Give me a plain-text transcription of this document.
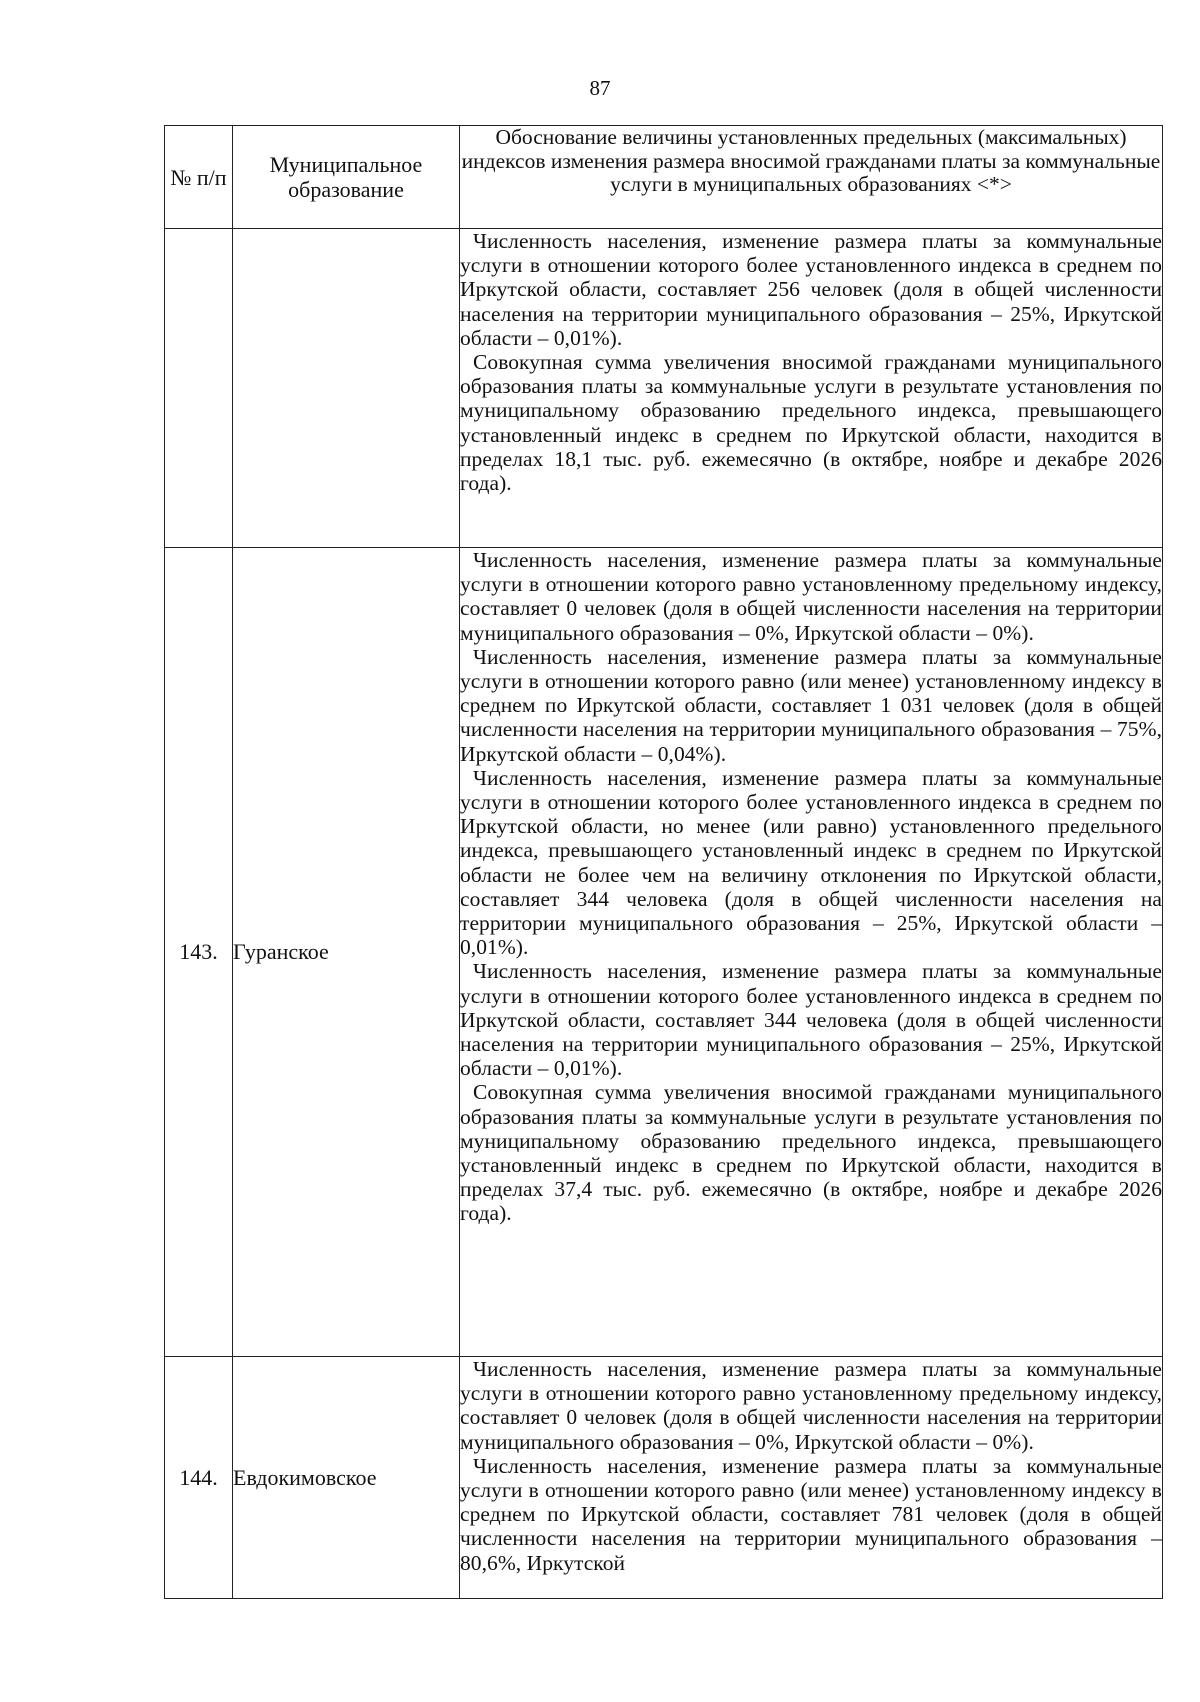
87
№ п/п	Муниципальное образование	Обоснование величины установленных предельных (максимальных) индексов изменения размера вносимой гражданами платы за коммунальные услуги в муниципальных образованиях <*>

		Численность населения, изменение размера платы за коммунальные услуги в отношении которого более установленного индекса в среднем по Иркутской области, составляет 256 человек (доля в общей численности населения на территории муниципального образования – 25%, Иркутской области – 0,01%).

Совокупная сумма увеличения вносимой гражданами муниципального образования платы за коммунальные услуги в результате установления по муниципальному образованию предельного индекса, превышающего установленный индекс в среднем по Иркутской области, находится в пределах 18,1 тыс. руб. ежемесячно (в октябре, ноябре и декабре 2026 года).

143.	Гуранское	Численность населения, изменение размера платы за коммунальные услуги в отношении которого равно установленному предельному индексу, составляет 0 человек (доля в общей численности населения на территории муниципального образования – 0%, Иркутской области – 0%).

Численность населения, изменение размера платы за коммунальные услуги в отношении которого равно (или менее) установленному индексу в среднем по Иркутской области, составляет 1 031 человек (доля в общей численности населения на территории муниципального образования – 75%, Иркутской области – 0,04%).

Численность населения, изменение размера платы за коммунальные услуги в отношении которого более установленного индекса в среднем по Иркутской области, но менее (или равно) установленного предельного индекса, превышающего установленный индекс в среднем по Иркутской области не более чем на величину отклонения по Иркутской области, составляет 344 человека (доля в общей численности населения на территории муниципального образования – 25%, Иркутской области – 0,01%).

Численность населения, изменение размера платы за коммунальные услуги в отношении которого более установленного индекса в среднем по Иркутской области, составляет 344 человека (доля в общей численности населения на территории муниципального образования – 25%, Иркутской области – 0,01%).

Совокупная сумма увеличения вносимой гражданами муниципального образования платы за коммунальные услуги в результате установления по муниципальному образованию предельного индекса, превышающего установленный индекс в среднем по Иркутской области, находится в пределах 37,4 тыс. руб. ежемесячно (в октябре, ноябре и декабре 2026 года).

144.	Евдокимовское	Численность населения, изменение размера платы за коммунальные услуги в отношении которого равно установленному предельному индексу, составляет 0 человек (доля в общей численности населения на территории муниципального образования – 0%, Иркутской области – 0%).

Численность населения, изменение размера платы за коммунальные услуги в отношении которого равно (или менее) установленному индексу в среднем по Иркутской области, составляет 781 человек (доля в общей численности населения на территории муниципального образования – 80,6%, Иркутской
